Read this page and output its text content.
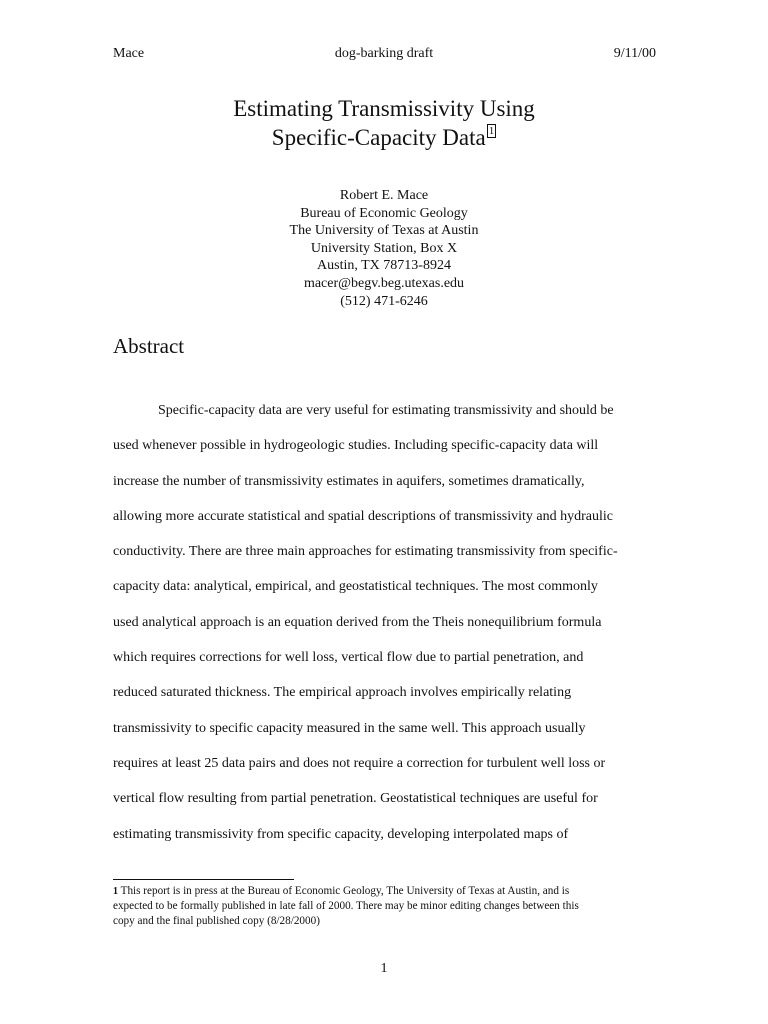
Mace	dog-barking draft	9/11/00
Estimating Transmissivity Using
Specific-Capacity Data 1
Robert E. Mace
Bureau of Economic Geology
The University of Texas at Austin
University Station, Box X
Austin, TX 78713-8924
macer@begv.beg.utexas.edu
(512) 471-6246
Abstract
Specific-capacity data are very useful for estimating transmissivity and should be
used whenever possible in hydrogeologic studies. Including specific-capacity data will
increase the number of transmissivity estimates in aquifers, sometimes dramatically,
allowing more accurate statistical and spatial descriptions of transmissivity and hydraulic
conductivity. There are three main approaches for estimating transmissivity from specific-
capacity data: analytical, empirical, and geostatistical techniques. The most commonly
used analytical approach is an equation derived from the Theis nonequilibrium formula
which requires corrections for well loss, vertical flow due to partial penetration, and
reduced saturated thickness. The empirical approach involves empirically relating
transmissivity to specific capacity measured in the same well. This approach usually
requires at least 25 data pairs and does not require a correction for turbulent well loss or
vertical flow resulting from partial penetration. Geostatistical techniques are useful for
estimating transmissivity from specific capacity, developing interpolated maps of
1 This report is in press at the Bureau of Economic Geology, The University of Texas at Austin, and is
expected to be formally published in late fall of 2000. There may be minor editing changes between this
copy and the final published copy (8/28/2000)
1
